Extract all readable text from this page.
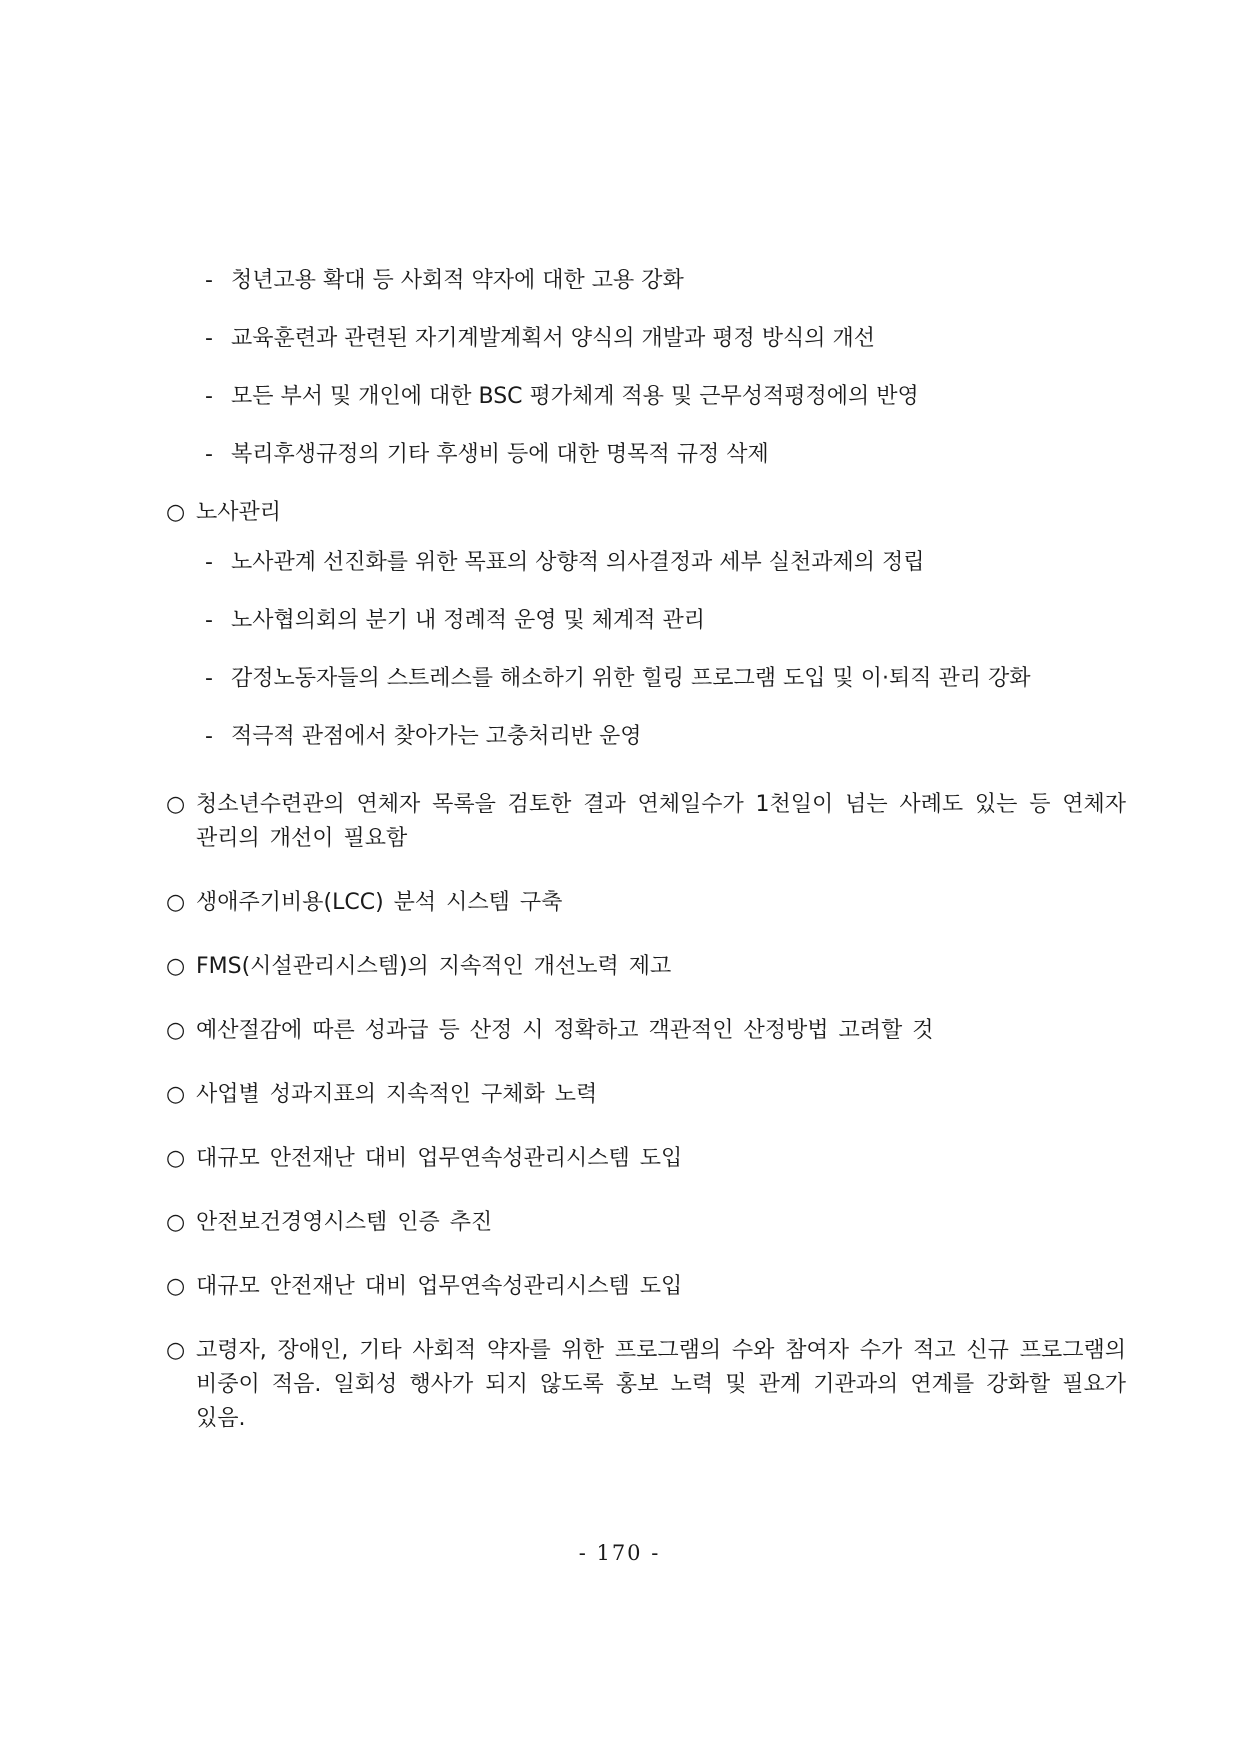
- 청년고용 확대 등 사회적 약자에 대한 고용 강화
- 교육훈련과 관련된 자기계발계획서 양식의 개발과 평정 방식의 개선
- 모든 부서 및 개인에 대한 BSC 평가체계 적용 및 근무성적평정에의 반영
- 복리후생규정의 기타 후생비 등에 대한 명목적 규정 삭제
○ 노사관리
- 노사관계 선진화를 위한 목표의 상향적 의사결정과 세부 실천과제의 정립
- 노사협의회의 분기 내 정례적 운영 및 체계적 관리
- 감정노동자들의 스트레스를 해소하기 위한 힐링 프로그램 도입 및 이·퇴직 관리 강화
- 적극적 관점에서 찾아가는 고충처리반 운영
○ 청소년수련관의 연체자 목록을 검토한 결과 연체일수가 1천일이 넘는 사례도 있는 등 연체자 관리의 개선이 필요함
○ 생애주기비용(LCC) 분석 시스템 구축
○ FMS(시설관리시스템)의 지속적인 개선노력 제고
○ 예산절감에 따른 성과급 등 산정 시 정확하고 객관적인 산정방법 고려할 것
○ 사업별 성과지표의 지속적인 구체화 노력
○ 대규모 안전재난 대비 업무연속성관리시스템 도입
○ 안전보건경영시스템 인증 추진
○ 대규모 안전재난 대비 업무연속성관리시스템 도입
○ 고령자, 장애인, 기타 사회적 약자를 위한 프로그램의 수와 참여자 수가 적고 신규 프로그램의 비중이 적음. 일회성 행사가 되지 않도록 홍보 노력 및 관계 기관과의 연계를 강화할 필요가 있음.
- 170 -
